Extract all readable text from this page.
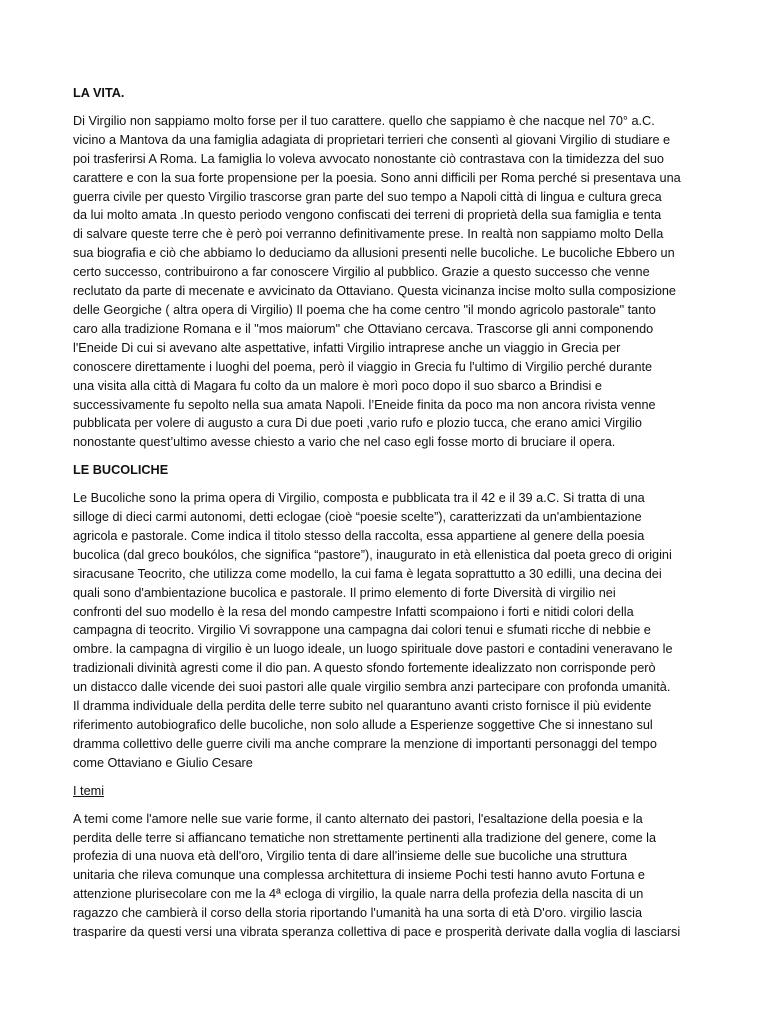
LA VITA.
Di Virgilio non sappiamo molto forse per il tuo carattere. quello che sappiamo è che nacque nel 70° a.C.
vicino a Mantova da una famiglia adagiata di proprietari terrieri che consentì al giovani Virgilio di studiare e
poi trasferirsi A Roma. La famiglia lo voleva avvocato nonostante ciò contrastava con la timidezza del suo
carattere e con la sua forte propensione per la poesia. Sono anni difficili per Roma perché si presentava una
guerra civile per questo Virgilio trascorse gran parte del suo tempo a Napoli città di lingua e cultura greca
da lui molto amata .In questo periodo vengono confiscati dei terreni di proprietà della sua famiglia e tenta
di salvare queste terre che è però poi verranno definitivamente prese. In realtà non sappiamo molto Della
sua biografia e ciò che abbiamo lo deduciamo da allusioni presenti nelle bucoliche. Le bucoliche Ebbero un
certo successo, contribuirono a far conoscere Virgilio al pubblico. Grazie a questo successo che venne
reclutato da parte di mecenate e avvicinato da Ottaviano. Questa vicinanza incise molto sulla composizione
delle Georgiche ( altra opera di Virgilio) Il poema che ha come centro "il mondo agricolo pastorale" tanto
caro alla tradizione Romana e il "mos maiorum" che Ottaviano cercava. Trascorse gli anni componendo
l'Eneide Di cui si avevano alte aspettative, infatti Virgilio intraprese anche un viaggio in Grecia per
conoscere direttamente i luoghi del poema, però il viaggio in Grecia fu l'ultimo di Virgilio perché durante
una visita alla città di Magara fu colto da un malore è morì poco dopo il suo sbarco a Brindisi e
successivamente fu sepolto nella sua amata Napoli. l’Eneide finita da poco ma non ancora rivista venne
pubblicata per volere di augusto a cura Di due poeti ,vario rufo e plozio tucca, che erano amici Virgilio
nonostante quest’ultimo avesse chiesto a vario che nel caso egli fosse morto di bruciare il opera.
LE BUCOLICHE
Le Bucoliche sono la prima opera di Virgilio, composta e pubblicata tra il 42 e il 39 a.C. Si tratta di una
silloge di dieci carmi autonomi, detti eclogae (cioè “poesie scelte”), caratterizzati da un'ambientazione
agricola e pastorale. Come indica il titolo stesso della raccolta, essa appartiene al genere della poesia
bucolica (dal greco boukólos, che significa “pastore”), inaugurato in età ellenistica dal poeta greco di origini
siracusane Teocrito, che utilizza come modello, la cui fama è legata soprattutto a 30 edilli, una decina dei
quali sono d'ambientazione bucolica e pastorale. Il primo elemento di forte Diversità di virgilio nei
confronti del suo modello è la resa del mondo campestre Infatti scompaiono i forti e nitidi colori della
campagna di teocrito. Virgilio Vi sovrappone una campagna dai colori tenui e sfumati ricche di nebbie e
ombre. la campagna di virgilio è un luogo ideale, un luogo spirituale dove pastori e contadini veneravano le
tradizionali divinità agresti come il dio pan. A questo sfondo fortemente idealizzato non corrisponde però
un distacco dalle vicende dei suoi pastori alle quale virgilio sembra anzi partecipare con profonda umanità.
Il dramma individuale della perdita delle terre subito nel quarantuno avanti cristo fornisce il più evidente
riferimento autobiografico delle bucoliche, non solo allude a Esperienze soggettive Che si innestano sul
dramma collettivo delle guerre civili ma anche comprare la menzione di importanti personaggi del tempo
come Ottaviano e Giulio Cesare
I temi
A temi come l'amore nelle sue varie forme, il canto alternato dei pastori, l'esaltazione della poesia e la
perdita delle terre si affiancano tematiche non strettamente pertinenti alla tradizione del genere, come la
profezia di una nuova età dell'oro, Virgilio tenta di dare all'insieme delle sue bucoliche una struttura
unitaria che rileva comunque una complessa architettura di insieme Pochi testi hanno avuto Fortuna e
attenzione plurisecolare con me la 4ª ecloga di virgilio, la quale narra della profezia della nascita di un
ragazzo che cambierà il corso della storia riportando l'umanità ha una sorta di età D'oro. virgilio lascia
trasparire da questi versi una vibrata speranza collettiva di pace e prosperità derivate dalla voglia di lasciarsi
